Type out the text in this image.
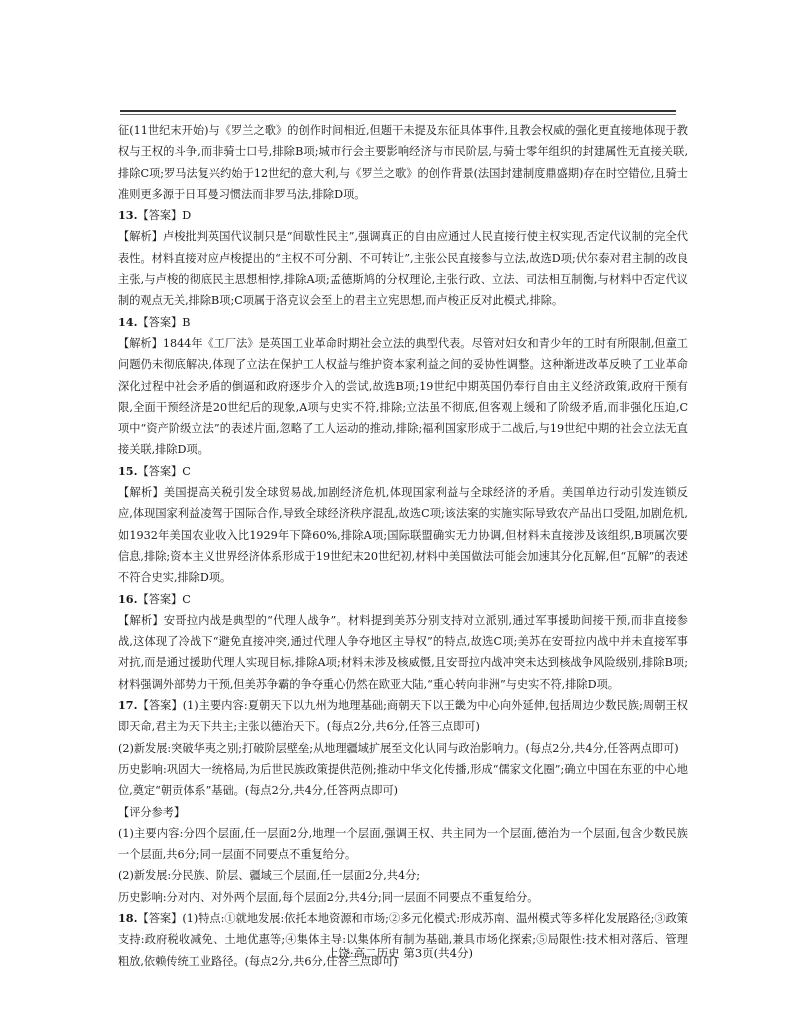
征(11世纪末开始)与《罗兰之歌》的创作时间相近,但题干未提及东征具体事件,且教会权威的强化更直接地体现于教权与王权的斗争,而非骑士口号,排除B项;城市行会主要影响经济与市民阶层,与骑士零年组织的封建属性无直接关联,排除C项;罗马法复兴约始于12世纪的意大利,与《罗兰之歌》的创作背景(法国封建制度鼎盛期)存在时空错位,且骑士准则更多源于日耳曼习惯法而非罗马法,排除D项。

13.【答案】D

【解析】卢梭批判英国代议制只是“间歇性民主”,强调真正的自由应通过人民直接行使主权实现,否定代议制的完全代表性。材料直接对应卢梭提出的“主权不可分割、不可转让”,主张公民直接参与立法,故选D项;伏尔泰对君主制的改良主张,与卢梭的彻底民主思想相悖,排除A项;孟德斯鸠的分权理论,主张行政、立法、司法相互制衡,与材料中否定代议制的观点无关,排除B项;C项属于洛克议会至上的君主立宪思想,而卢梭正反对此模式,排除。

14.【答案】B

【解析】1844年《工厂法》是英国工业革命时期社会立法的典型代表。尽管对妇女和青少年的工时有所限制,但童工问题仍未彻底解决,体现了立法在保护工人权益与维护资本家利益之间的妥协性调整。这种渐进改革反映了工业革命深化过程中社会矛盾的倒逼和政府逐步介入的尝试,故选B项;19世纪中期英国仍奉行自由主义经济政策,政府干预有限,全面干预经济是20世纪后的现象,A项与史实不符,排除;立法虽不彻底,但客观上缓和了阶级矛盾,而非强化压迫,C项中“资产阶级立法”的表述片面,忽略了工人运动的推动,排除;福利国家形成于二战后,与19世纪中期的社会立法无直接关联,排除D项。

15.【答案】C

【解析】美国提高关税引发全球贸易战,加剧经济危机,体现国家利益与全球经济的矛盾。美国单边行动引发连锁反应,体现国家利益凌驾于国际合作,导致全球经济秩序混乱,故选C项;该法案的实施实际导致农产品出口受阻,加剧危机,如1932年美国农业收入比1929年下降60%,排除A项;国际联盟确实无力协调,但材料未直接涉及该组织,B项属次要信息,排除;资本主义世界经济体系形成于19世纪末20世纪初,材料中美国做法可能会加速其分化瓦解,但“瓦解”的表述不符合史实,排除D项。

16.【答案】C

【解析】安哥拉内战是典型的“代理人战争”。材料提到美苏分别支持对立派别,通过军事援助间接干预,而非直接参战,这体现了冷战下“避免直接冲突,通过代理人争夺地区主导权”的特点,故选C项;美苏在安哥拉内战中并未直接军事对抗,而是通过援助代理人实现目标,排除A项;材料未涉及核威慑,且安哥拉内战冲突未达到核战争风险级别,排除B项;材料强调外部势力干预,但美苏争霸的争夺重心仍然在欧亚大陆,“重心转向非洲”与史实不符,排除D项。

17.【答案】(1)主要内容:夏朝天下以九州为地理基础;商朝天下以王畿为中心向外延伸,包括周边少数民族;周朝王权即天命,君主为天下共主;主张以德治天下。(每点2分,共6分,任答三点即可)

(2)新发展:突破华夷之别;打破阶层壁垒;从地理疆域扩展至文化认同与政治影响力。(每点2分,共4分,任答两点即可)

历史影响:巩固大一统格局,为后世民族政策提供范例;推动中华文化传播,形成“儒家文化圈”;确立中国在东亚的中心地位,奠定“朝贡体系”基础。(每点2分,共4分,任答两点即可)

【评分参考】

(1)主要内容:分四个层面,任一层面2分,地理一个层面,强调王权、共主同为一个层面,德治为一个层面,包含少数民族一个层面,共6分;同一层面不同要点不重复给分。

(2)新发展:分民族、阶层、疆域三个层面,任一层面2分,共4分;

历史影响:分对内、对外两个层面,每个层面2分,共4分;同一层面不同要点不重复给分。

18.【答案】(1)特点:①就地发展:依托本地资源和市场;②多元化模式:形成苏南、温州模式等多样化发展路径;③政策支持:政府税收减免、土地优惠等;④集体主导:以集体所有制为基础,兼具市场化探索;⑤局限性:技术相对落后、管理粗放,依赖传统工业路径。(每点2分,共6分,任答三点即可)

上饶·高二历史 第3页(共4分)
